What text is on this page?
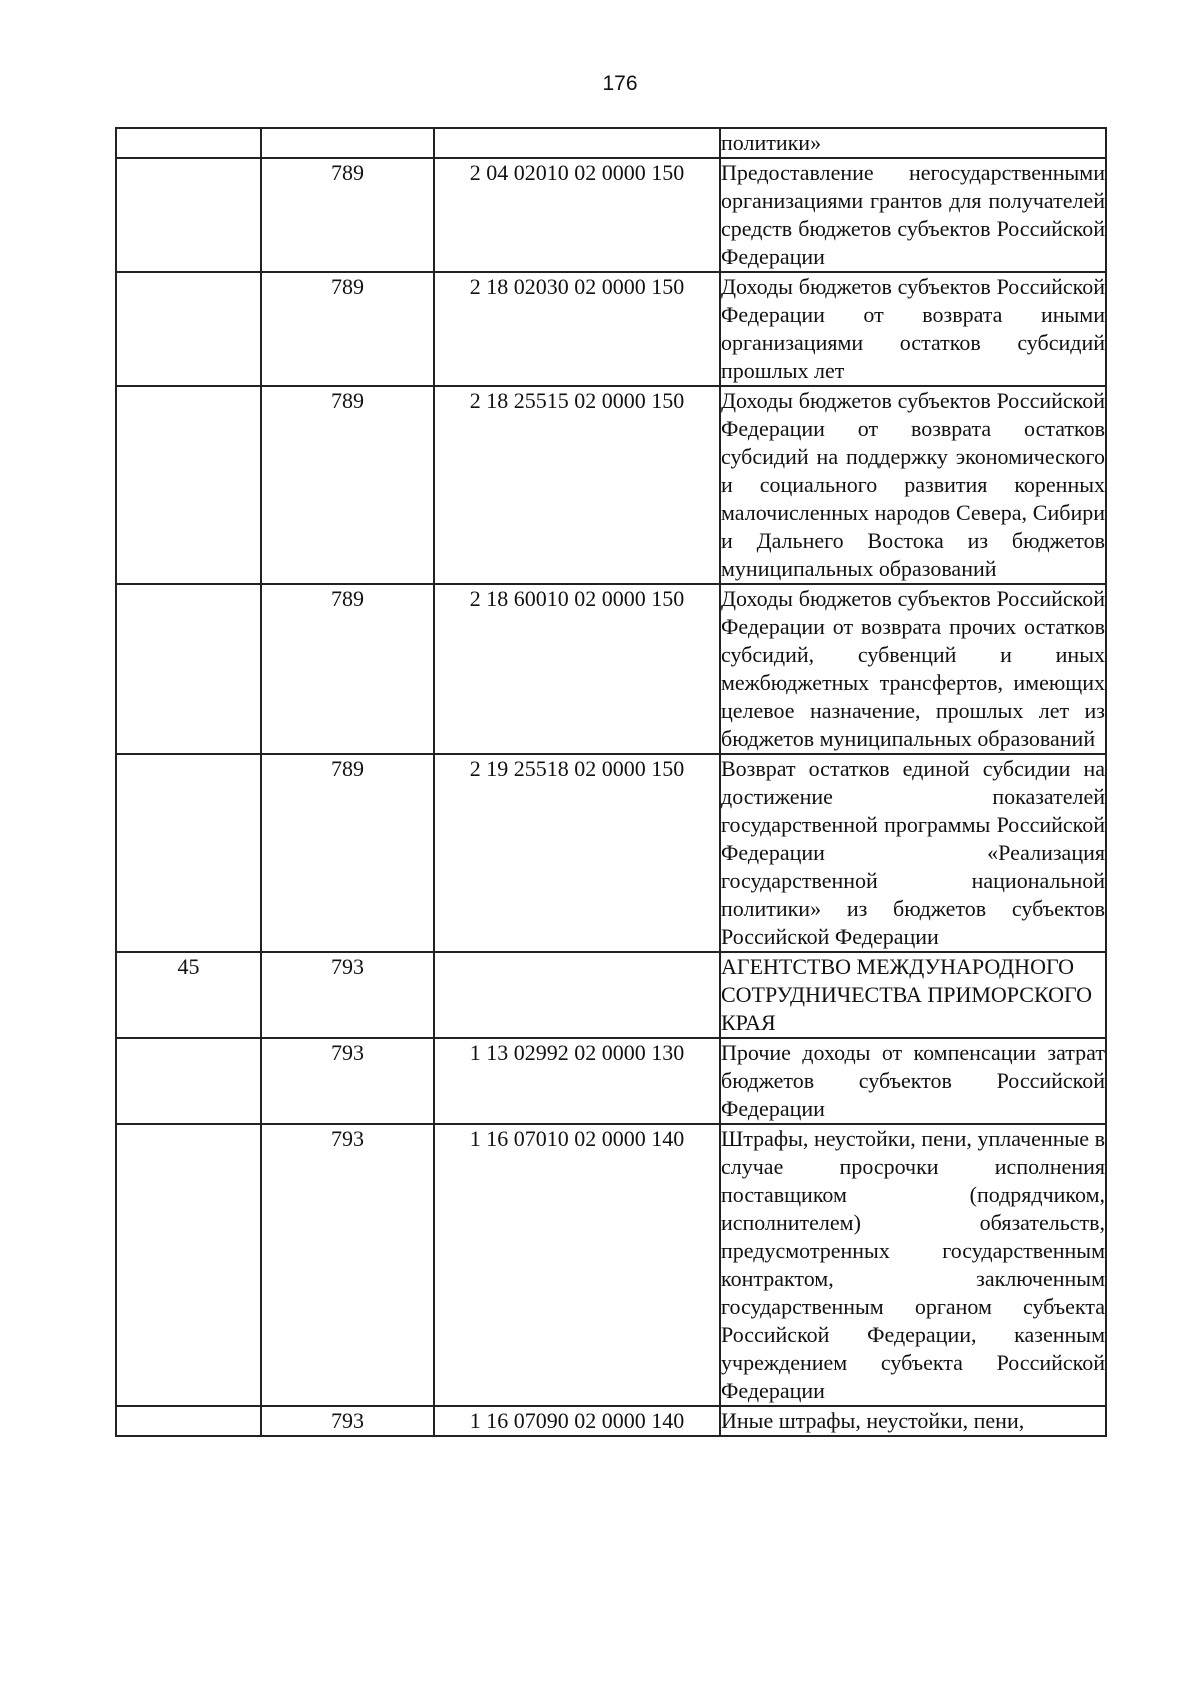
176
			политики»
	789	2 04 02010 02 0000 150	Предоставление негосударственными организациями грантов для получателей средств бюджетов субъектов Российской Федерации
	789	2 18 02030 02 0000 150	Доходы бюджетов субъектов Российской Федерации от возврата иными организациями остатков субсидий прошлых лет
	789	2 18 25515 02 0000 150	Доходы бюджетов субъектов Российской Федерации от возврата остатков субсидий на поддержку экономического и социального развития коренных малочисленных народов Севера, Сибири и Дальнего Востока из бюджетов муниципальных образований
	789	2 18 60010 02 0000 150	Доходы бюджетов субъектов Российской Федерации от возврата прочих остатков субсидий, субвенций и иных межбюджетных трансфертов, имеющих целевое назначение, прошлых лет из бюджетов муниципальных образований
	789	2 19 25518 02 0000 150	Возврат остатков единой субсидии на достижение показателей государственной программы Российской Федерации «Реализация государственной национальной политики» из бюджетов субъектов Российской Федерации
45	793		АГЕНТСТВО МЕЖДУНАРОДНОГО СОТРУДНИЧЕСТВА ПРИМОРСКОГО КРАЯ
	793	1 13 02992 02 0000 130	Прочие доходы от компенсации затрат бюджетов субъектов Российской Федерации
	793	1 16 07010 02 0000 140	Штрафы, неустойки, пени, уплаченные в случае просрочки исполнения поставщиком (подрядчиком, исполнителем) обязательств, предусмотренных государственным контрактом, заключенным государственным органом субъекта Российской Федерации, казенным учреждением субъекта Российской Федерации
	793	1 16 07090 02 0000 140	Иные штрафы, неустойки, пени,
